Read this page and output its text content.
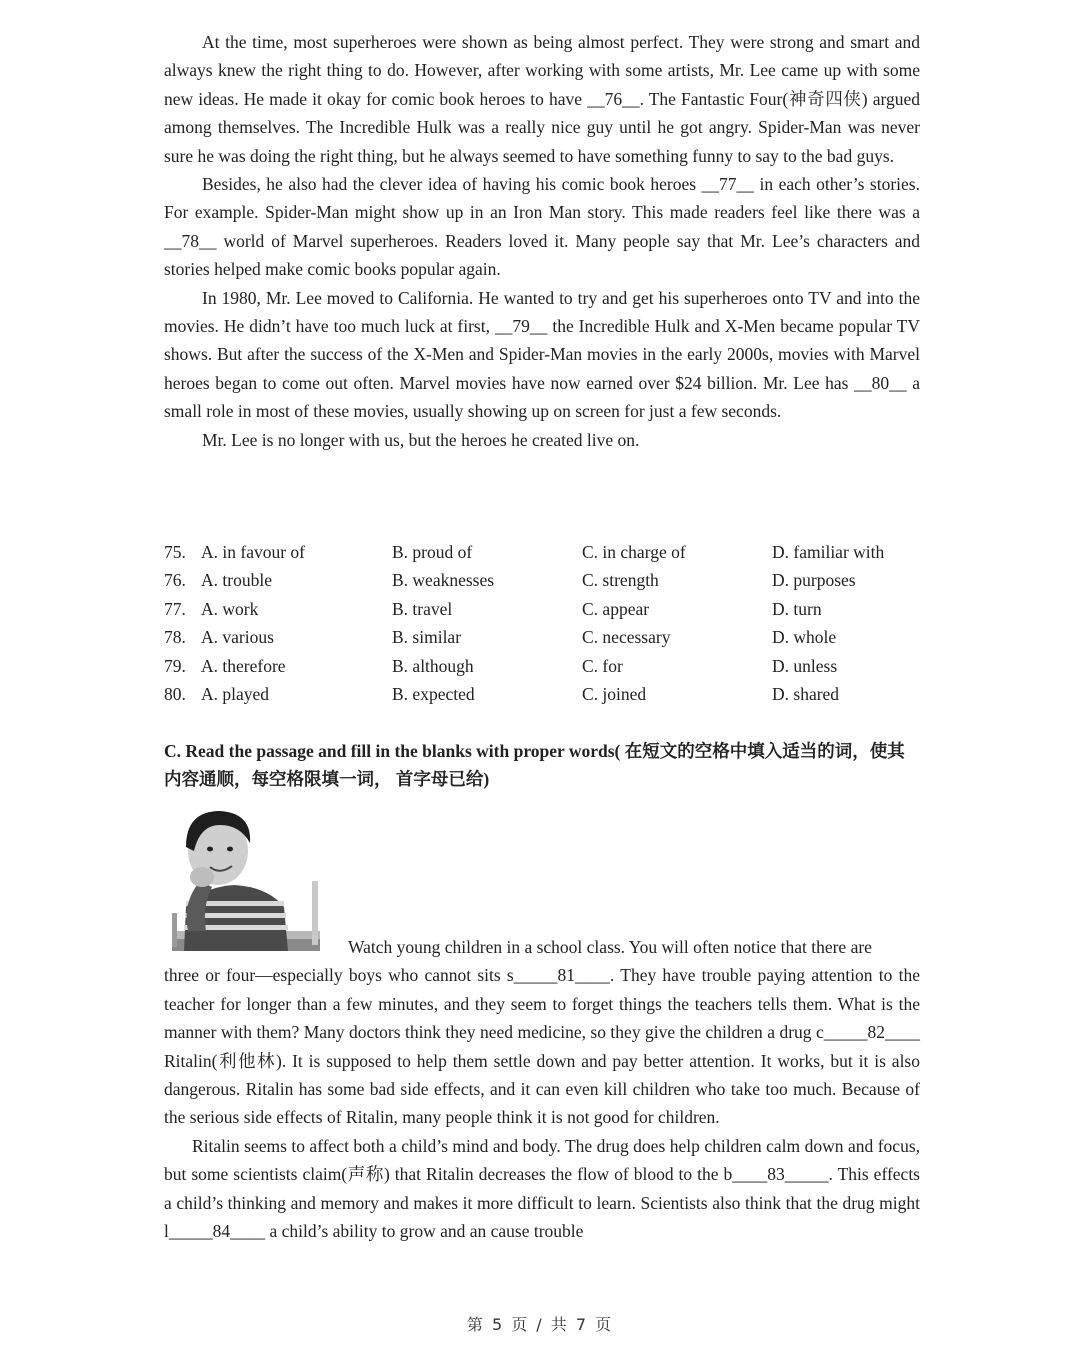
At the time, most superheroes were shown as being almost perfect. They were strong and smart and always knew the right thing to do. However, after working with some artists, Mr. Lee came up with some new ideas. He made it okay for comic book heroes to have __76__. The Fantastic Four(神奇四侠) argued among themselves. The Incredible Hulk was a really nice guy until he got angry. Spider-Man was never sure he was doing the right thing, but he always seemed to have something funny to say to the bad guys.

Besides, he also had the clever idea of having his comic book heroes __77__ in each other’s stories. For example. Spider-Man might show up in an Iron Man story. This made readers feel like there was a __78__ world of Marvel superheroes. Readers loved it. Many people say that Mr. Lee’s characters and stories helped make comic books popular again.

In 1980, Mr. Lee moved to California. He wanted to try and get his superheroes onto TV and into the movies. He didn’t have too much luck at first, __79__ the Incredible Hulk and X-Men became popular TV shows. But after the success of the X-Men and Spider-Man movies in the early 2000s, movies with Marvel heroes began to come out often. Marvel movies have now earned over $24 billion. Mr. Lee has __80__ a small role in most of these movies, usually showing up on screen for just a few seconds.

Mr. Lee is no longer with us, but the heroes he created live on.

75. A. in favour of	B. proud of	C. in charge of	D. familiar with
76. A. trouble	B. weaknesses	C. strength	D. purposes
77. A. work	B. travel	C. appear	D. turn
78. A. various	B. similar	C. necessary	D. whole
79. A. therefore	B. although	C. for	D. unless
80. A. played	B. expected	C. joined	D. shared

C. Read the passage and fill in the blanks with proper words( 在短文的空格中填入适当的词，使其内容通顺，每空格限填一词， 首字母已给)

Watch young children in a school class. You will often notice that there are

three or four—especially boys who cannot sits s_____81____. They have trouble paying attention to the teacher for longer than a few minutes, and they seem to forget things the teachers tells them. What is the manner with them? Many doctors think they need medicine, so they give the children a drug c_____82____ Ritalin(利他林). It is supposed to help them settle down and pay better attention. It works, but it is also dangerous. Ritalin has some bad side effects, and it can even kill children who take too much. Because of the serious side effects of Ritalin, many people think it is not good for children.

Ritalin seems to affect both a child’s mind and body. The drug does help children calm down and focus, but some scientists claim(声称) that Ritalin decreases the flow of blood to the b____83_____. This effects a child’s thinking and memory and makes it more difficult to learn. Scientists also think that the drug might l_____84____ a child’s ability to grow and an cause trouble

第 5 页 / 共 7 页
